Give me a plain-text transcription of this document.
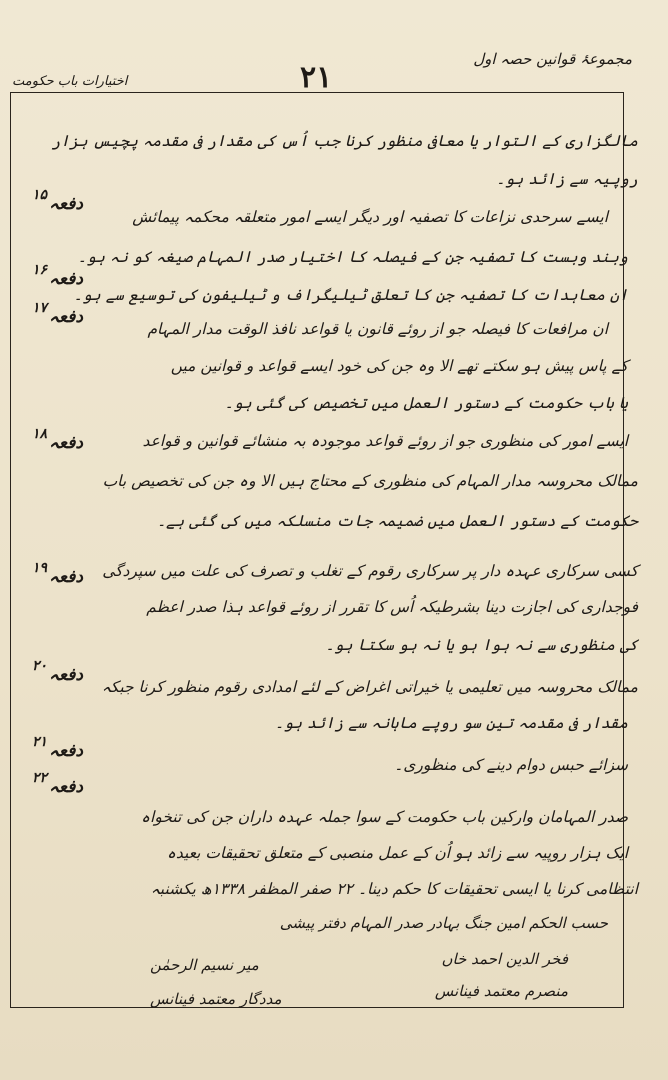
مجموعۂ قوانین حصہ اول
۲۱
اختیارات باب حکومت
دفعہ$^{۱۵}$
دفعہ$^{۱۶}$
دفعہ$^{۱۷}$
دفعہ$^{۱۸}$
دفعہ$^{۱۹}$
دفعہ$^{۲۰}$
دفعہ$^{۲۱}$
دفعہ$^{۲۲}$
مالگزاری کے التوار یا معافی منظور کرنا جب اُس کی مقدار فی مقدمہ پچیس ہزار
روپیہ سے زائد ہو۔
ایسے سرحدی نزاعات کا تصفیہ اور دیگر ایسے امور متعلقہ محکمہ پیمائش
وبند وبست کا تصفیہ جن کے فیصلہ کا اختیار صدر المہام صیغہ کو نہ ہو۔
ان معاہدات کا تصفیہ جن کا تعلق ٹیلیگراف و ٹیلیفون کی توسیع سے ہو۔
ان مرافعات کا فیصلہ جو از روئے قانون یا قواعد نافذ الوقت مدار المہام
کے پاس پیش ہو سکتے تھے الا وہ جن کی خود ایسے قواعد و قوانین میں
یا باب حکومت کے دستور العمل میں تخصیص کی گئی ہو۔
ایسے امور کی منظوری جو از روئے قواعد موجودہ بہ منشائے قوانین و قواعد
ممالک محروسہ مدار المہام کی منظوری کے محتاج ہیں الا وہ جن کی تخصیص باب
حکومت کے دستور العمل میں ضمیمہ جات منسلکہ میں کی گئی ہے۔
کسی سرکاری عہدہ دار پر سرکاری رقوم کے تغلب و تصرف کی علت میں سپردگی
فوجداری کی اجازت دینا بشرطیکہ اُس کا تقرر از روئے قواعد ہذا صدر اعظم
کی منظوری سے نہ ہوا ہو یا نہ ہو سکتا ہو۔
ممالک محروسہ میں تعلیمی یا خیراتی اغراض کے لئے امدادی رقوم منظور کرنا جبکہ
مقدار فی مقدمہ تین سو روپے ماہانہ سے زائد ہو۔
سزائے حبس دوام دینے کی منظوری۔
صدر المہامان وارکین باب حکومت کے سوا جملہ عہدہ داران جن کی تنخواہ
ایک ہزار روپیہ سے زائد ہو اُن کے عمل منصبی کے متعلق تحقیقات بعیدہ
انتظامی کرنا یا ایسی تحقیقات کا حکم دینا۔ ۲۲ صفر المظفر ۱۳۳۸ھ یکشنبہ
حسب الحکم امین جنگ بہادر صدر المہام دفتر پیشی
فخر الدین احمد خاں
منصرم معتمد فینانس
میر نسیم الرحمٰن
مددگار معتمد فینانس
